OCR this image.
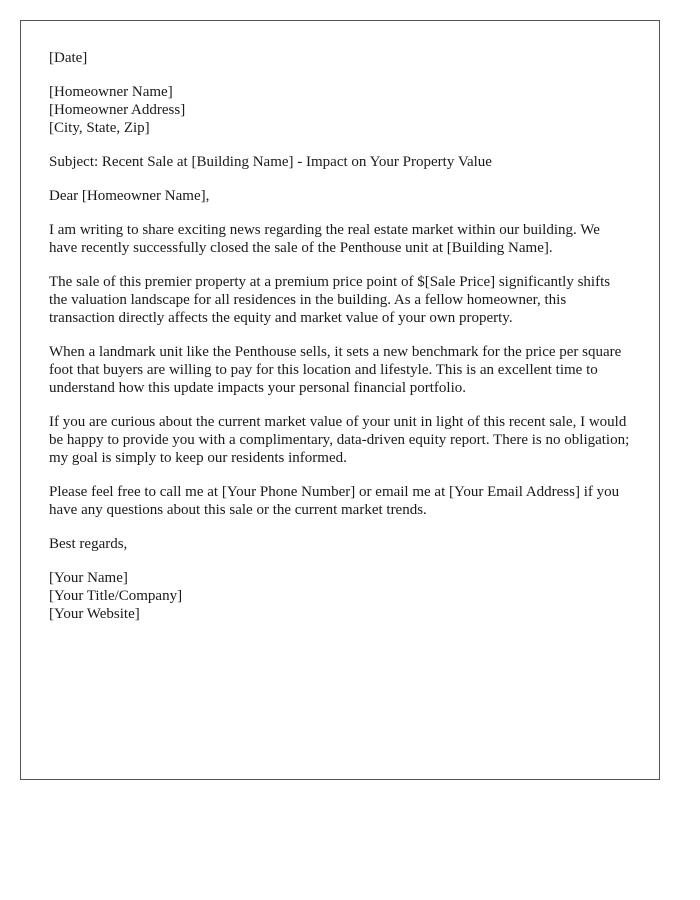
[Date]
[Homeowner Name]
[Homeowner Address]
[City, State, Zip]
Subject: Recent Sale at [Building Name] - Impact on Your Property Value
Dear [Homeowner Name],

I am writing to share exciting news regarding the real estate market within our building. We have recently successfully closed the sale of the Penthouse unit at [Building Name].

The sale of this premier property at a premium price point of $[Sale Price] significantly shifts the valuation landscape for all residences in the building. As a fellow homeowner, this transaction directly affects the equity and market value of your own property.

When a landmark unit like the Penthouse sells, it sets a new benchmark for the price per square foot that buyers are willing to pay for this location and lifestyle. This is an excellent time to understand how this update impacts your personal financial portfolio.

If you are curious about the current market value of your unit in light of this recent sale, I would be happy to provide you with a complimentary, data-driven equity report. There is no obligation; my goal is simply to keep our residents informed.

Please feel free to call me at [Your Phone Number] or email me at [Your Email Address] if you have any questions about this sale or the current market trends.

Best regards,
[Your Name]
[Your Title/Company]
[Your Website]
